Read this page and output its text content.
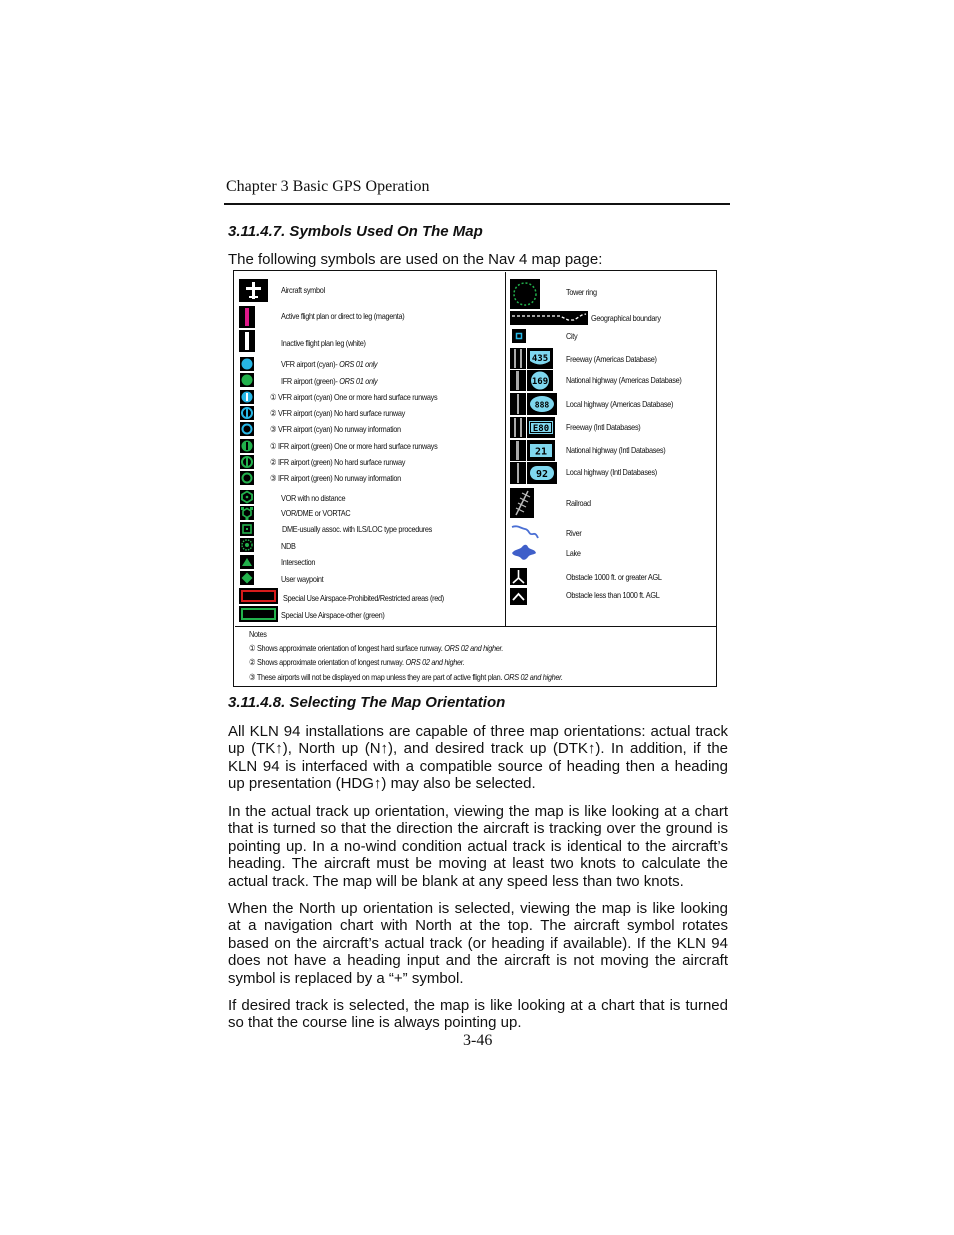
Chapter 3 Basic GPS Operation
3.11.4.7. Symbols Used On The Map
The following symbols are used on the Nav 4 map page:
Aircraft symbol
Active flight plan or direct to leg (magenta)
Inactive flight plan leg (white)
VFR airport (cyan)- ORS 01 only
IFR airport (green)- ORS 01 only
① VFR airport (cyan) One or more hard surface runways
② VFR airport (cyan) No hard surface runway
③ VFR airport (cyan) No runway information
① IFR airport (green) One or more hard surface runways
② IFR airport (green) No hard surface runway
③ IFR airport (green) No runway information
VOR with no distance
VOR/DME or VORTAC
DME-usually assoc. with ILS/LOC type procedures
NDB
Intersection
User waypoint
Special Use Airspace-Prohibited/Restricted areas (red)
Special Use Airspace-other (green)
435
169
888
E80
21
92
Tower ring
Geographical boundary
City
Freeway (Americas Database)
National highway (Americas Database)
Local highway (Americas Database)
Freeway (Intl Databases)
National highway (Intl Databases)
Local highway (Intl Databases)
Railroad
River
Lake
Obstacle 1000 ft. or greater AGL
Obstacle less than 1000 ft. AGL
Notes
① Shows approximate orientation of longest hard surface runway. ORS 02 and higher.
② Shows approximate orientation of longest runway. ORS 02 and higher.
③ These airports will not be displayed on map unless they are part of active flight plan. ORS 02 and higher.
3.11.4.8. Selecting The Map Orientation

All KLN 94 installations are capable of three map orientations: actual track up (TK↑), North up (N↑), and desired track up (DTK↑). In addition, if the KLN 94 is interfaced with a compatible source of heading then a heading up presentation (HDG↑) may also be selected.

In the actual track up orientation, viewing the map is like looking at a chart that is turned so that the direction the aircraft is tracking over the ground is pointing up. In a no-wind condition actual track is identical to the aircraft’s heading. The aircraft must be moving at least two knots to calculate the actual track. The map will be blank at any speed less than two knots.

When the North up orientation is selected, viewing the map is like looking at a navigation chart with North at the top. The aircraft symbol rotates based on the aircraft’s actual track (or heading if available). If the KLN 94 does not have a heading input and the aircraft is not moving the aircraft symbol is replaced by a “+” symbol.

If desired track is selected, the map is like looking at a chart that is turned so that the course line is always pointing up.

3-46
